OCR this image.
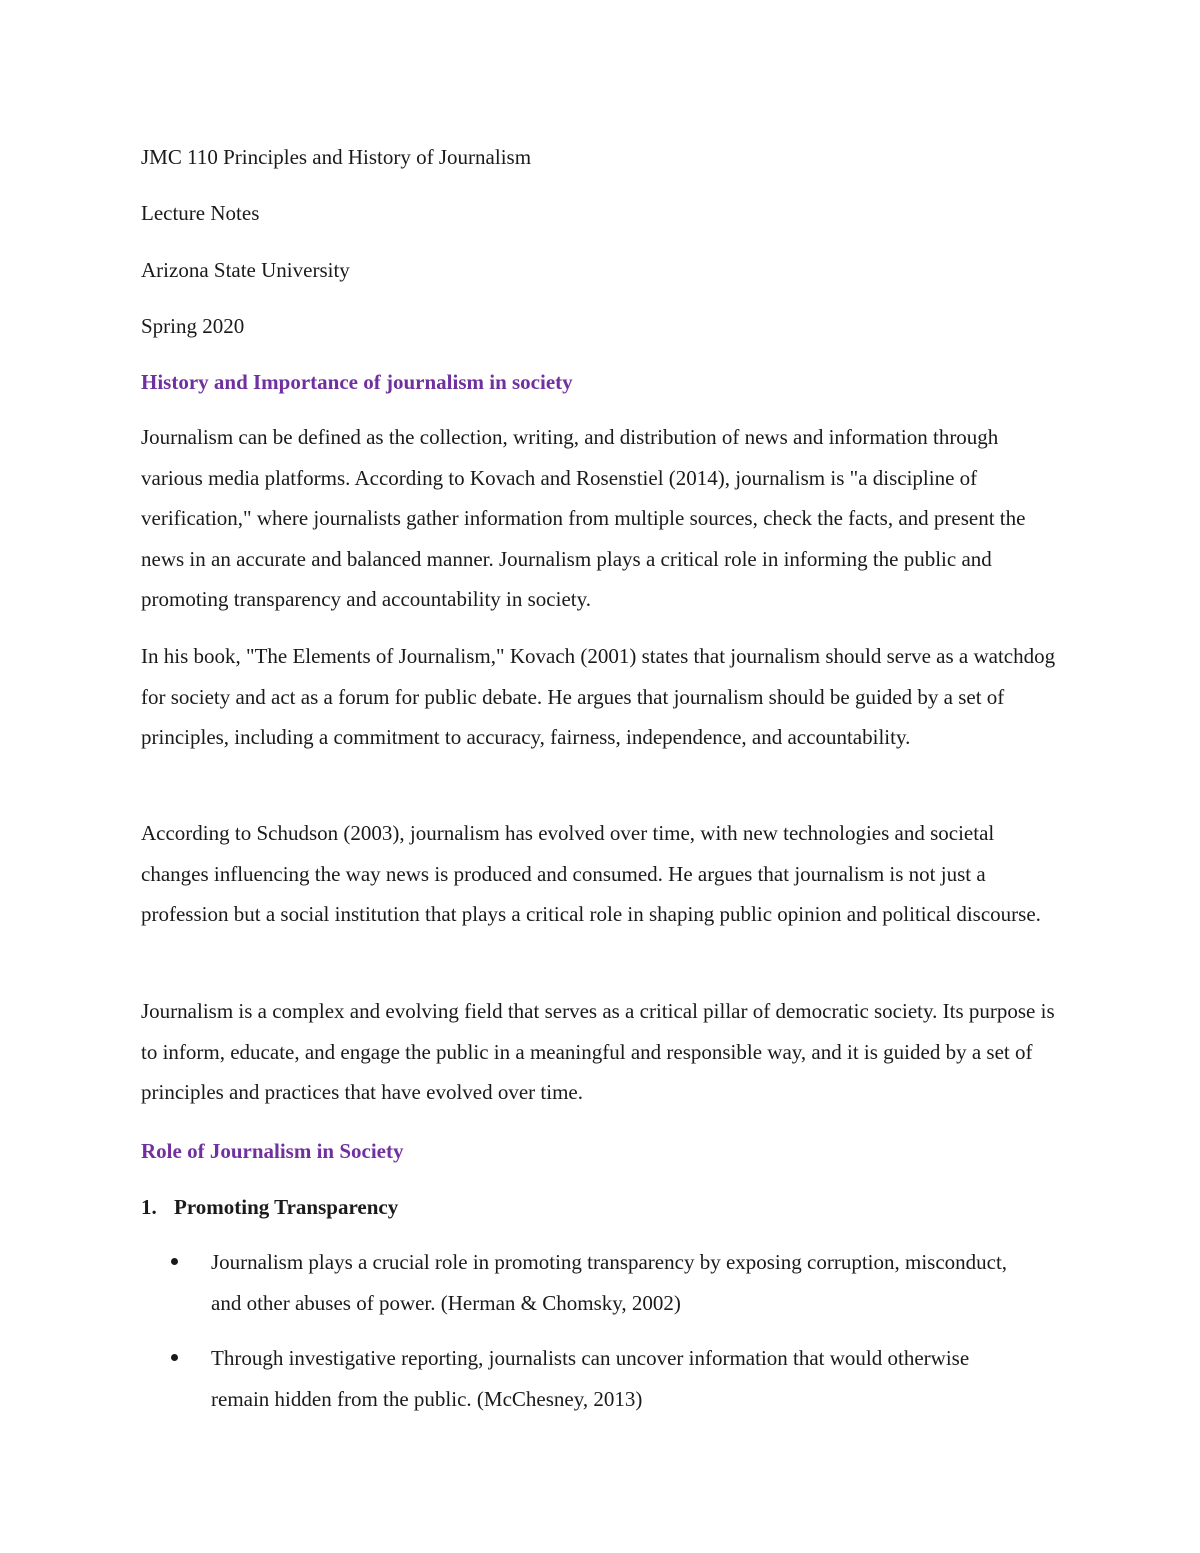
JMC 110 Principles and History of Journalism
Lecture Notes
Arizona State University
Spring 2020
History and Importance of journalism in society

Journalism can be defined as the collection, writing, and distribution of news and information through various media platforms. According to Kovach and Rosenstiel (2014), journalism is "a discipline of verification," where journalists gather information from multiple sources, check the facts, and present the news in an accurate and balanced manner. Journalism plays a critical role in informing the public and promoting transparency and accountability in society.

In his book, "The Elements of Journalism," Kovach (2001) states that journalism should serve as a watchdog for society and act as a forum for public debate. He argues that journalism should be guided by a set of principles, including a commitment to accuracy, fairness, independence, and accountability.

According to Schudson (2003), journalism has evolved over time, with new technologies and societal changes influencing the way news is produced and consumed. He argues that journalism is not just a profession but a social institution that plays a critical role in shaping public opinion and political discourse.

Journalism is a complex and evolving field that serves as a critical pillar of democratic society. Its purpose is to inform, educate, and engage the public in a meaningful and responsible way, and it is guided by a set of principles and practices that have evolved over time.

Role of Journalism in Society
1. Promoting Transparency
Journalism plays a crucial role in promoting transparency by exposing corruption, misconduct, and other abuses of power. (Herman & Chomsky, 2002)
Through investigative reporting, journalists can uncover information that would otherwise remain hidden from the public. (McChesney, 2013)
